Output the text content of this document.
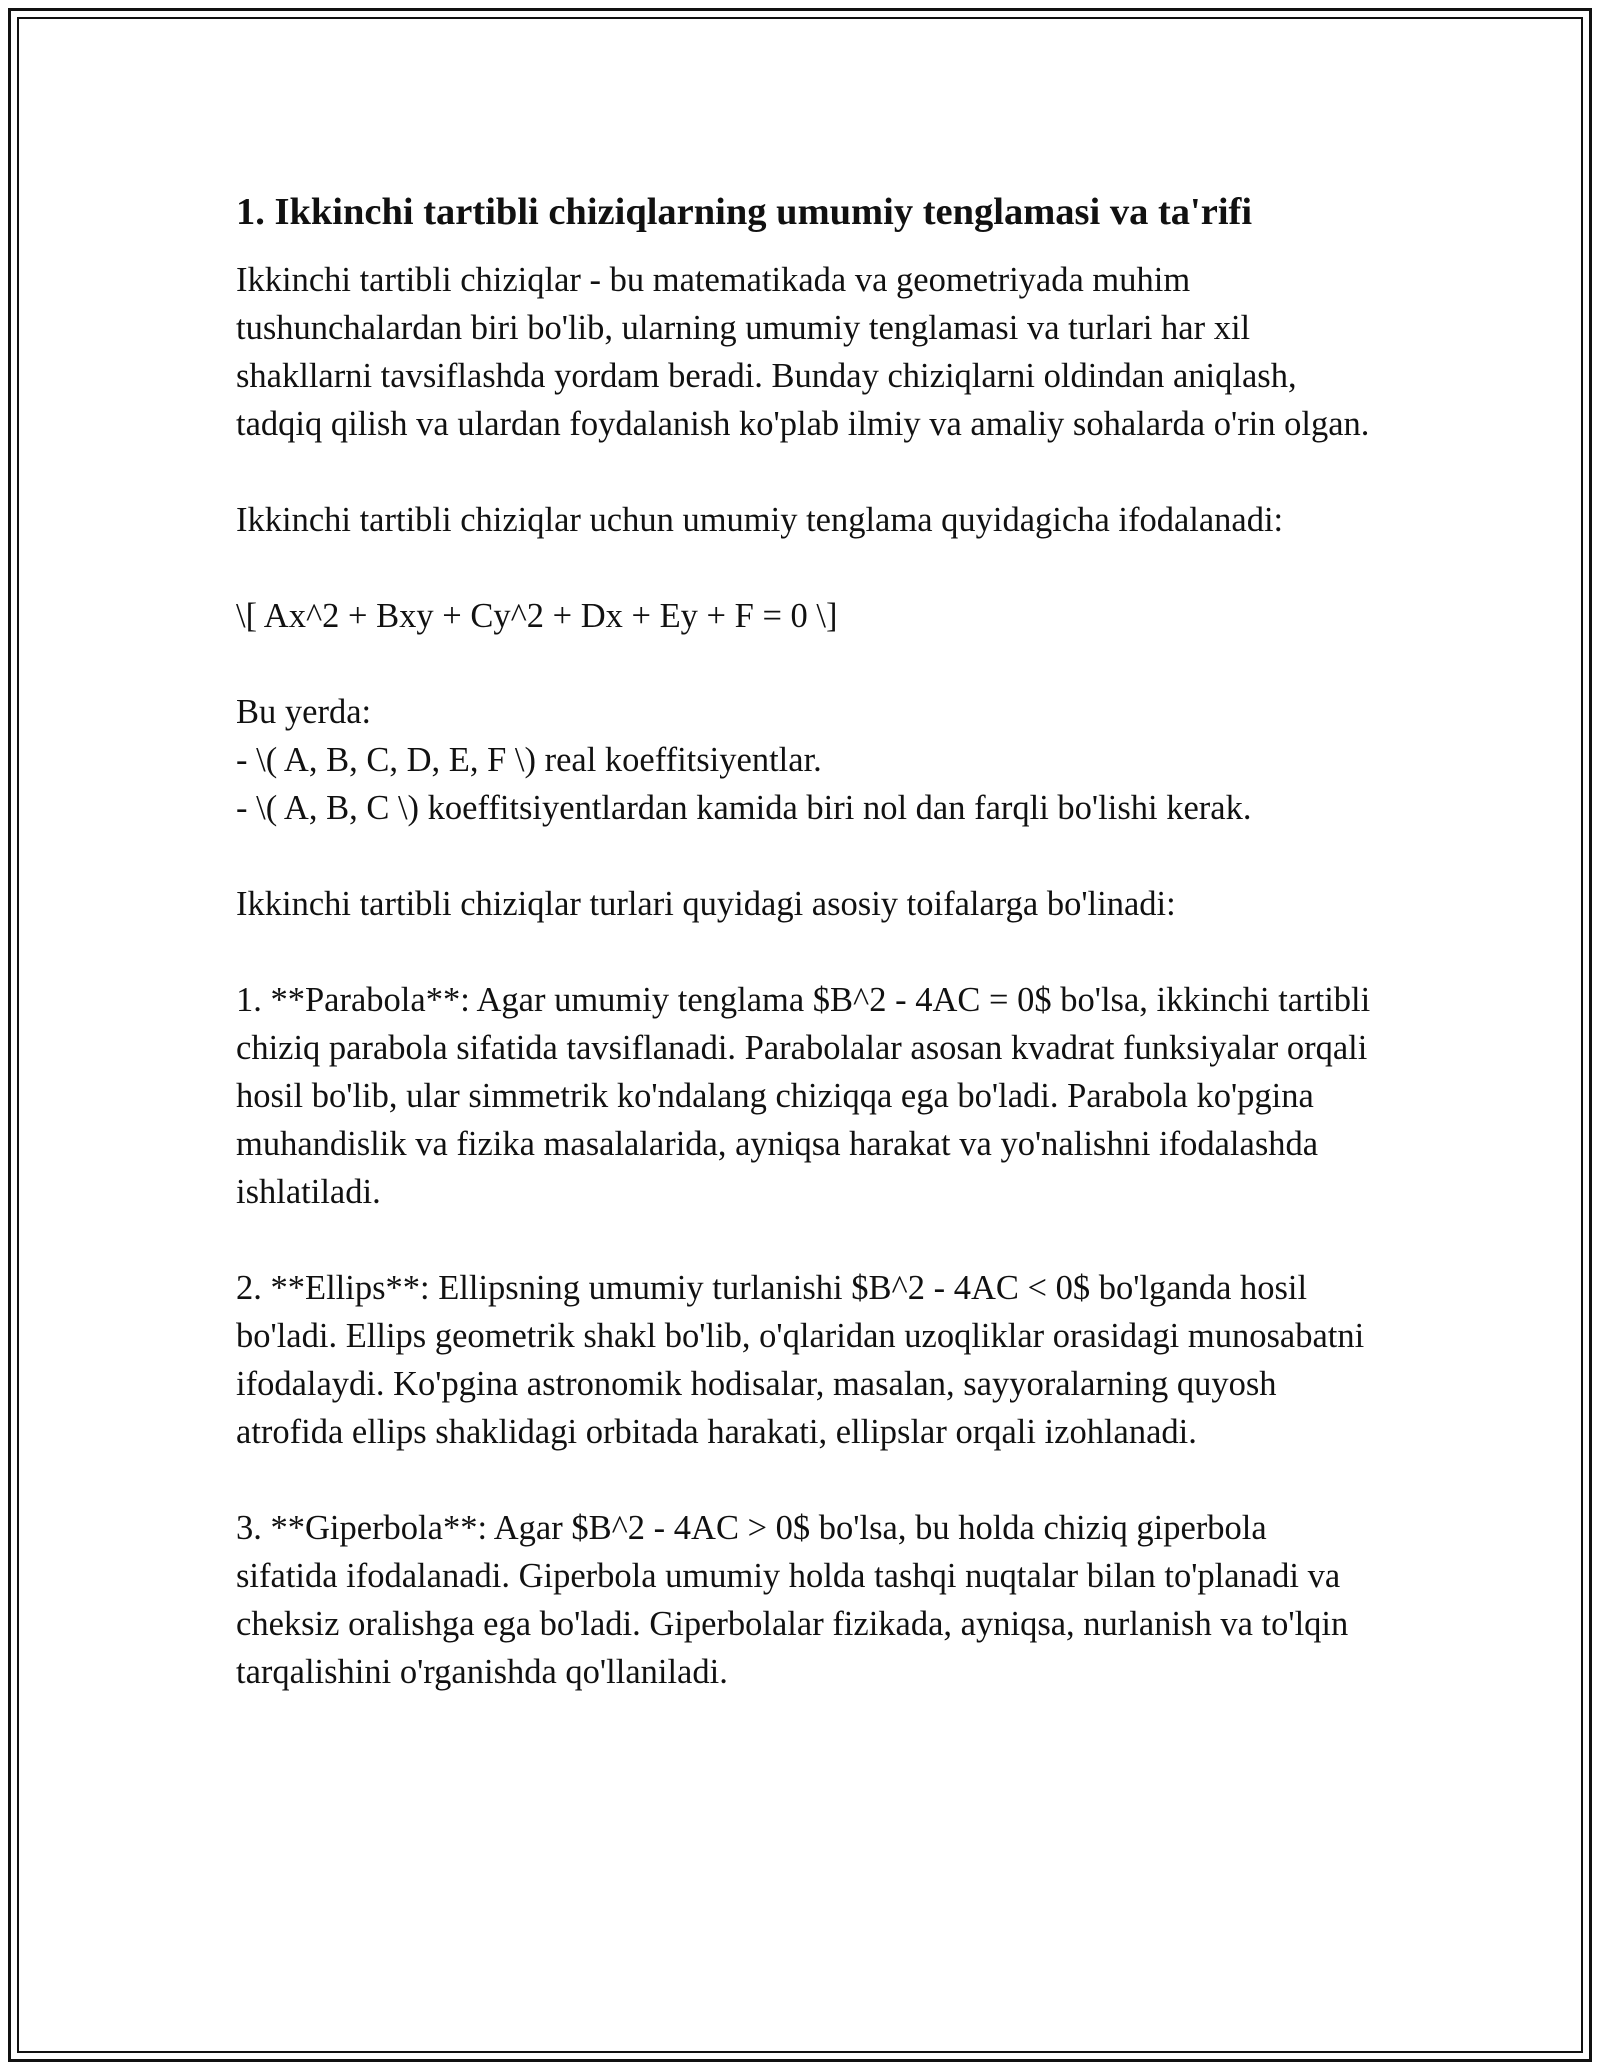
1. Ikkinchi tartibli chiziqlarning umumiy tenglamasi va ta'rifi

Ikkinchi tartibli chiziqlar - bu matematikada va geometriyada muhim tushunchalardan biri bo'lib, ularning umumiy tenglamasi va turlari har xil shakllarni tavsiflashda yordam beradi. Bunday chiziqlarni oldindan aniqlash, tadqiq qilish va ulardan foydalanish ko'plab ilmiy va amaliy sohalarda o'rin olgan.

Ikkinchi tartibli chiziqlar uchun umumiy tenglama quyidagicha ifodalanadi:

\[ Ax^2 + Bxy + Cy^2 + Dx + Ey + F = 0 \]

Bu yerda:
- \( A, B, C, D, E, F \) real koeffitsiyentlar.
- \( A, B, C \) koeffitsiyentlardan kamida biri nol dan farqli bo'lishi kerak.

Ikkinchi tartibli chiziqlar turlari quyidagi asosiy toifalarga bo'linadi:

1. **Parabola**: Agar umumiy tenglama $B^2 - 4AC = 0$ bo'lsa, ikkinchi tartibli chiziq parabola sifatida tavsiflanadi. Parabolalar asosan kvadrat funksiyalar orqali hosil bo'lib, ular simmetrik ko'ndalang chiziqqa ega bo'ladi. Parabola ko'pgina muhandislik va fizika masalalarida, ayniqsa harakat va yo'nalishni ifodalashda ishlatiladi.

2. **Ellips**: Ellipsning umumiy turlanishi $B^2 - 4AC < 0$ bo'lganda hosil bo'ladi. Ellips geometrik shakl bo'lib, o'qlaridan uzoqliklar orasidagi munosabatni ifodalaydi. Ko'pgina astronomik hodisalar, masalan, sayyoralarning quyosh atrofida ellips shaklidagi orbitada harakati, ellipslar orqali izohlanadi.

3. **Giperbola**: Agar $B^2 - 4AC > 0$ bo'lsa, bu holda chiziq giperbola sifatida ifodalanadi. Giperbola umumiy holda tashqi nuqtalar bilan to'planadi va cheksiz oralishga ega bo'ladi. Giperbolalar fizikada, ayniqsa, nurlanish va to'lqin tarqalishini o'rganishda qo'llaniladi.
